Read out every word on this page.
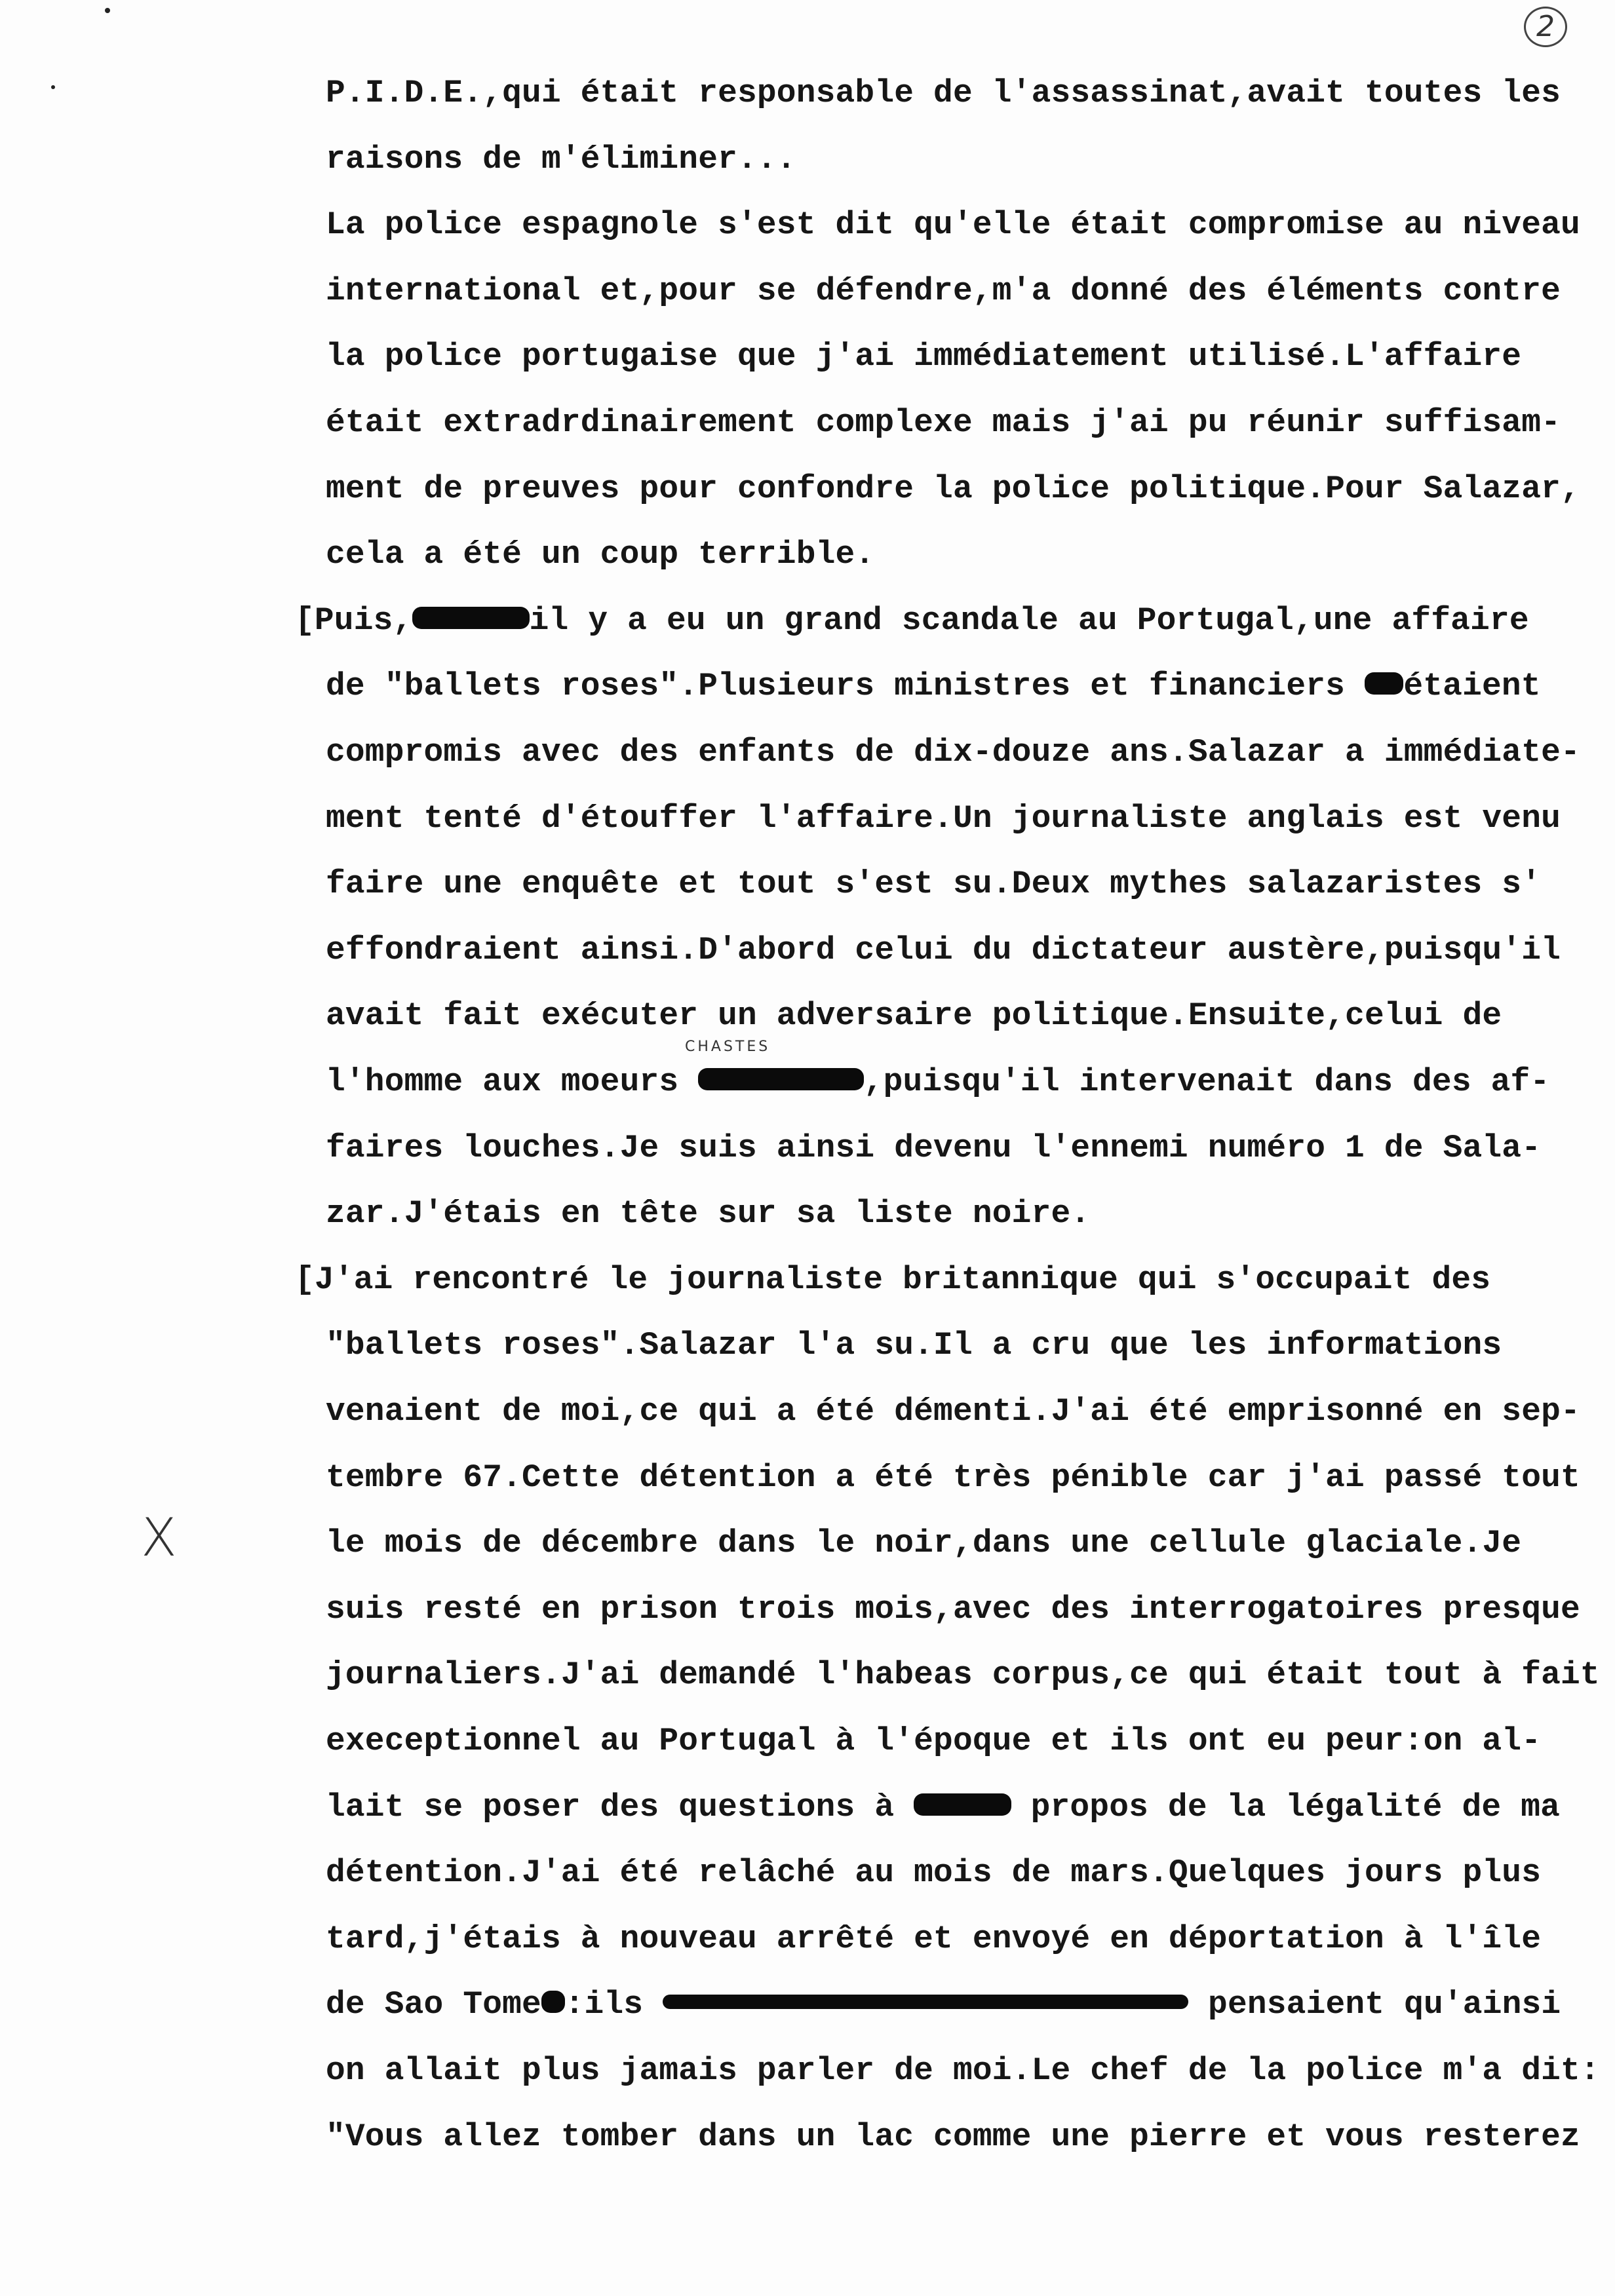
2
CHASTES
X
P.I.D.E.,qui était responsable de l'assassinat,avait toutes les
raisons de m'éliminer...
La police espagnole s'est dit qu'elle était compromise au niveau
international et,pour se défendre,m'a donné des éléments contre
la police portugaise que j'ai immédiatement utilisé.L'affaire
était extradrdinairement complexe mais j'ai pu réunir suffisam-
ment de preuves pour confondre la police politique.Pour Salazar,
cela a été un coup terrible.
[Puis,	il y a eu un grand scandale au Portugal,une affaire
de "ballets roses".Plusieurs ministres et financiers étaient
compromis avec des enfants de dix-douze ans.Salazar a immédiate-
ment tenté d'étouffer l'affaire.Un journaliste anglais est venu
faire une enquête et tout s'est su.Deux mythes salazaristes s'
effondraient ainsi.D'abord celui du dictateur austère,puisqu'il
avait fait exécuter un adversaire politique.Ensuite,celui de
l'homme aux moeurs	,puisqu'il intervenait dans des af-
faires louches.Je suis ainsi devenu l'ennemi numéro 1 de Sala-
zar.J'étais en tête sur sa liste noire.
[J'ai rencontré le journaliste britannique qui s'occupait des
"ballets roses".Salazar l'a su.Il a cru que les informations
venaient de moi,ce qui a été démenti.J'ai été emprisonné en sep-
tembre 67.Cette détention a été très pénible car j'ai passé tout
le mois de décembre dans le noir,dans une cellule glaciale.Je
suis resté en prison trois mois,avec des interrogatoires presque
journaliers.J'ai demandé l'habeas corpus,ce qui était tout à fait
execeptionnel au Portugal à l'époque et ils ont eu peur:on al-
lait se poser des questions à	propos de la légalité de ma
détention.J'ai été relâché au mois de mars.Quelques jours plus
tard,j'étais à nouveau arrêté et envoyé en déportation à l'île
de Sao Tome :ils	pensaient qu'ainsi
on allait plus jamais parler de moi.Le chef de la police m'a dit:
"Vous allez tomber dans un lac comme une pierre et vous resterez
